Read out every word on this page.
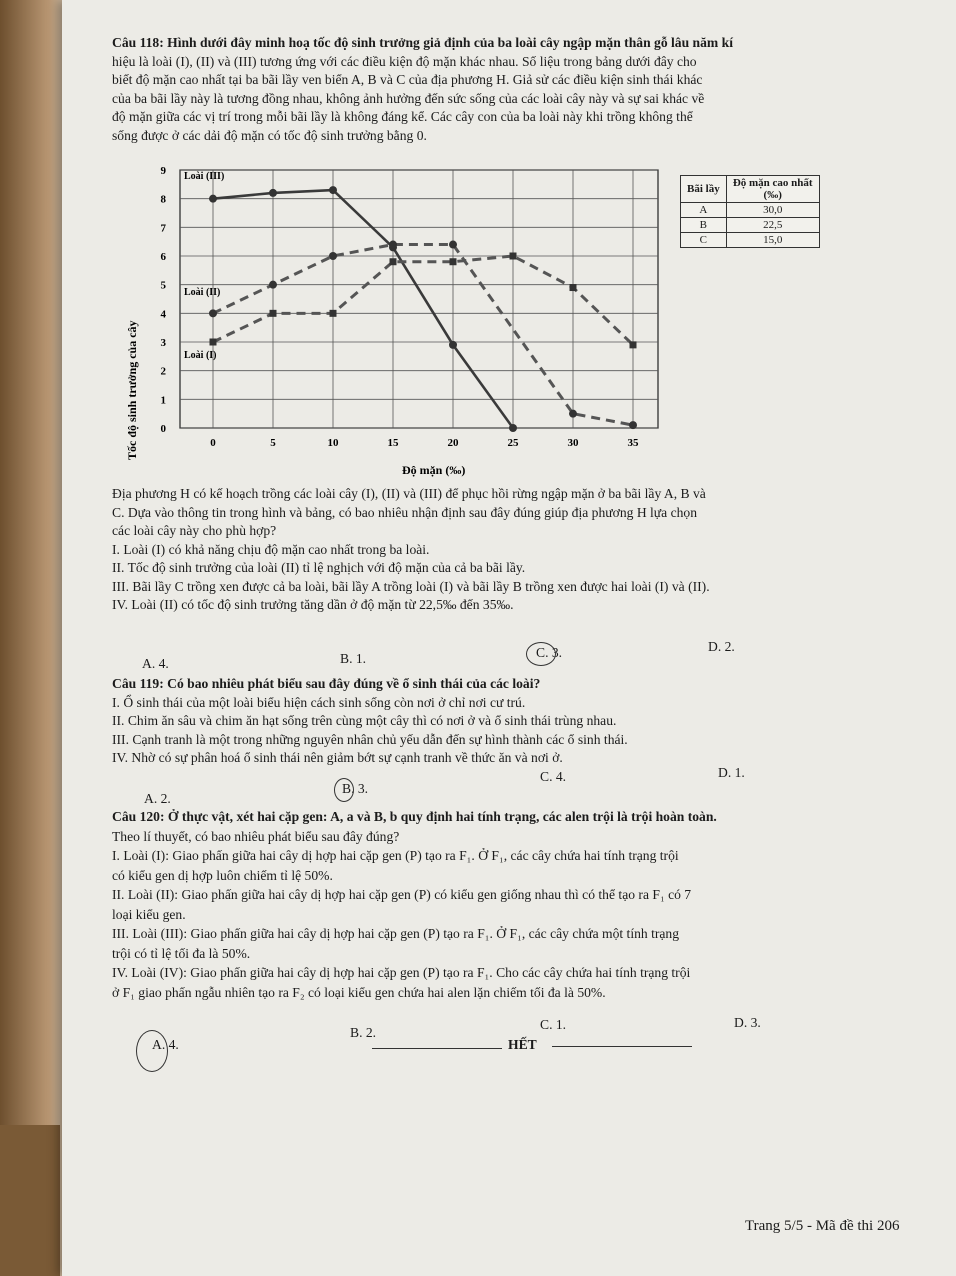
Câu 118: Hình dưới đây minh hoạ tốc độ sinh trưởng giả định của ba loài cây ngập mặn thân gỗ lâu năm kí
hiệu là loài (I), (II) và (III) tương ứng với các điều kiện độ mặn khác nhau. Số liệu trong bảng dưới đây cho
biết độ mặn cao nhất tại ba bãi lầy ven biển A, B và C của địa phương H. Giả sử các điều kiện sinh thái khác
của ba bãi lầy này là tương đồng nhau, không ảnh hưởng đến sức sống của các loài cây này và sự sai khác về
độ mặn giữa các vị trí trong mỗi bãi lầy là không đáng kể. Các cây con của ba loài này khi trồng không thể
sống được ở các dải độ mặn có tốc độ sinh trưởng bằng 0.
0
1
2
3
4
5
6
7
8
9
0	5	10	15	20	25	30	35
Tốc độ sinh trưởng của cây
Độ mặn (‰)
Loài (III)
Loài (II)
Loài (I)
Bãi lầy	Độ mặn cao nhất (‰)
A	30,0
B	22,5
C	15,0
Địa phương H có kế hoạch trồng các loài cây (I), (II) và (III) để phục hồi rừng ngập mặn ở ba bãi lầy A, B và
C. Dựa vào thông tin trong hình và bảng, có bao nhiêu nhận định sau đây đúng giúp địa phương H lựa chọn
các loài cây này cho phù hợp?
I. Loài (I) có khả năng chịu độ mặn cao nhất trong ba loài.
II. Tốc độ sinh trưởng của loài (II) tỉ lệ nghịch với độ mặn của cả ba bãi lầy.
III. Bãi lầy C trồng xen được cả ba loài, bãi lầy A trồng loài (I) và bãi lầy B trồng xen được hai loài (I) và (II).
IV. Loài (II) có tốc độ sinh trưởng tăng dần ở độ mặn từ 22,5‰ đến 35‰.
A. 4.	B. 1.	C. 3.	D. 2.
Câu 119: Có bao nhiêu phát biểu sau đây đúng về ổ sinh thái của các loài?
I. Ổ sinh thái của một loài biểu hiện cách sinh sống còn nơi ở chỉ nơi cư trú.
II. Chim ăn sâu và chim ăn hạt sống trên cùng một cây thì có nơi ở và ổ sinh thái trùng nhau.
III. Cạnh tranh là một trong những nguyên nhân chủ yếu dẫn đến sự hình thành các ổ sinh thái.
IV. Nhờ có sự phân hoá ổ sinh thái nên giảm bớt sự cạnh tranh về thức ăn và nơi ở.
A. 2.
B. 3.
C. 4.	D. 1.
Câu 120: Ở thực vật, xét hai cặp gen: A, a và B, b quy định hai tính trạng, các alen trội là trội hoàn toàn.
Theo lí thuyết, có bao nhiêu phát biểu sau đây đúng?
I. Loài (I): Giao phấn giữa hai cây dị hợp hai cặp gen (P) tạo ra F₁. Ở F₁, các cây chứa hai tính trạng trội
có kiểu gen dị hợp luôn chiếm tỉ lệ 50%.
II. Loài (II): Giao phấn giữa hai cây dị hợp hai cặp gen (P) có kiểu gen giống nhau thì có thể tạo ra F₁ có 7
loại kiểu gen.
III. Loài (III): Giao phấn giữa hai cây dị hợp hai cặp gen (P) tạo ra F₁. Ở F₁, các cây chứa một tính trạng
trội có tỉ lệ tối đa là 50%.
IV. Loài (IV): Giao phấn giữa hai cây dị hợp hai cặp gen (P) tạo ra F₁. Cho các cây chứa hai tính trạng trội
ở F₁ giao phấn ngẫu nhiên tạo ra F₂ có loại kiểu gen chứa hai alen lặn chiếm tối đa là 50%.
A. 4.
B. 2.
C. 1.	D. 3.
HẾT
Trang 5/5 - Mã đề thi 206
